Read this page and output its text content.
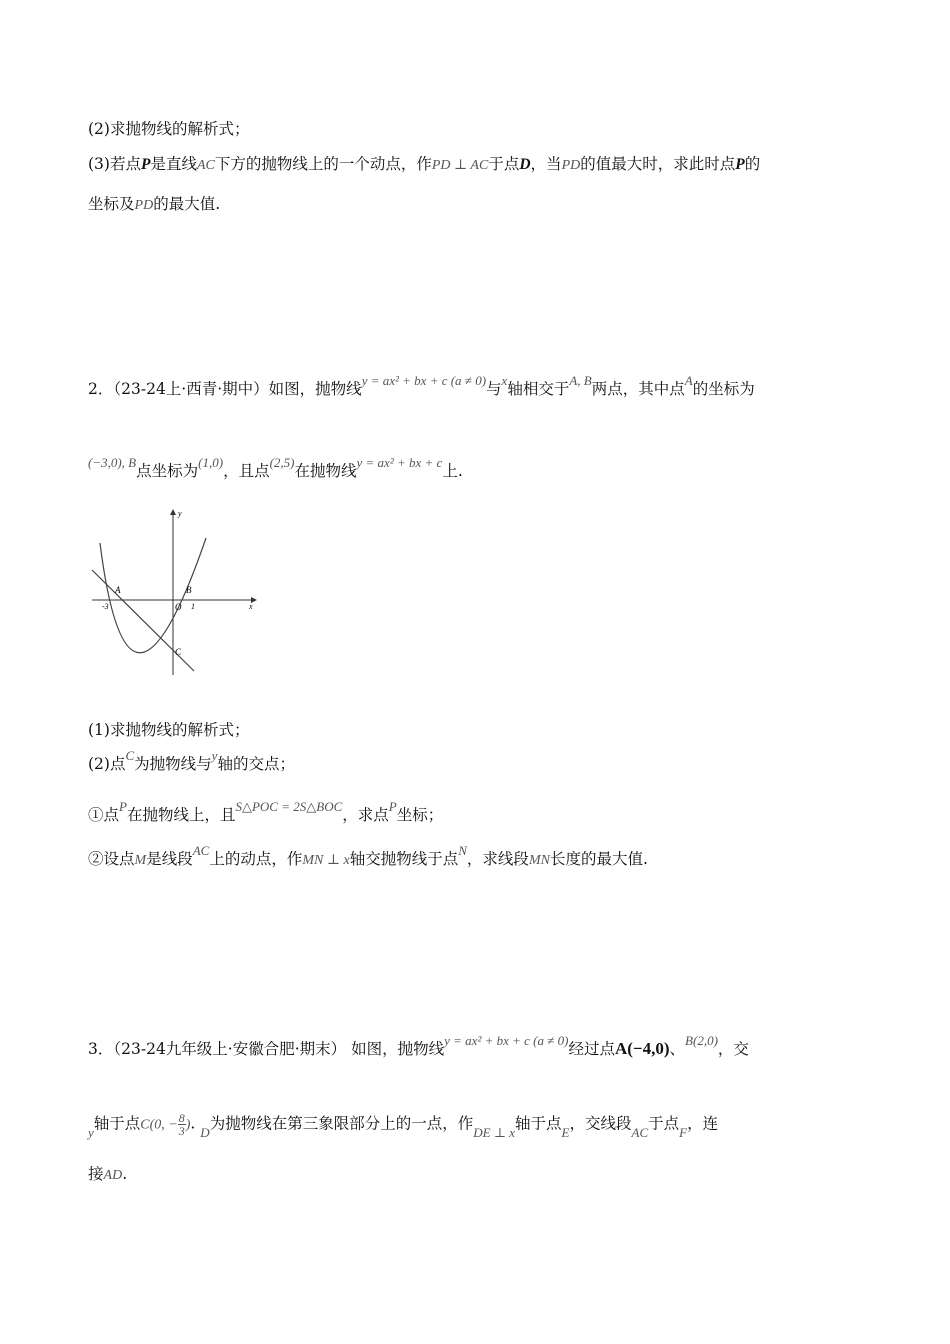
(2)求抛物线的解析式；
(3)若点P是直线AC下方的抛物线上的一个动点，作PD ⊥ AC于点D，当PD的值最大时，求此时点P的
坐标及PD的最大值.
2．（23-24上·西青·期中）如图，抛物线$^{y = ax^2 + bx + c (a \ne 0)}$与$^x$轴相交于$^{A, B}$两点，其中点$^A$的坐标为
$^{(-3,0), B}$点坐标为$^{(1,0)}$，且点$^{(2,5)}$在抛物线$^{y = ax^2 + bx + c}$上.
y
x
A	B
O
C
-3	1
(1)求抛物线的解析式；
(2)点$^C$为抛物线与$^y$轴的交点；
①点$^P$在抛物线上，且$^{S\triangle POC = 2S\triangle BOC}$，求点$^P$坐标；
②设点M是线段$^{AC}$上的动点，作MN ⊥ x轴交抛物线于点$^N$，求线段MN长度的最大值.
3．（23-24九年级上·安徽合肥·期末） 如图，抛物线$^{y = ax^2 + bx + c (a \ne 0)}$经过点A(−4,0)、$^{B(2,0)}$，交
$_y$轴于点C(0, − $\frac{8}{3}$ ). $_D$为抛物线在第三象限部分上的一点，作$_{DE \perp x}$轴于点$_E$，交线段$_{AC}$于点$_F$，连
接AD.
